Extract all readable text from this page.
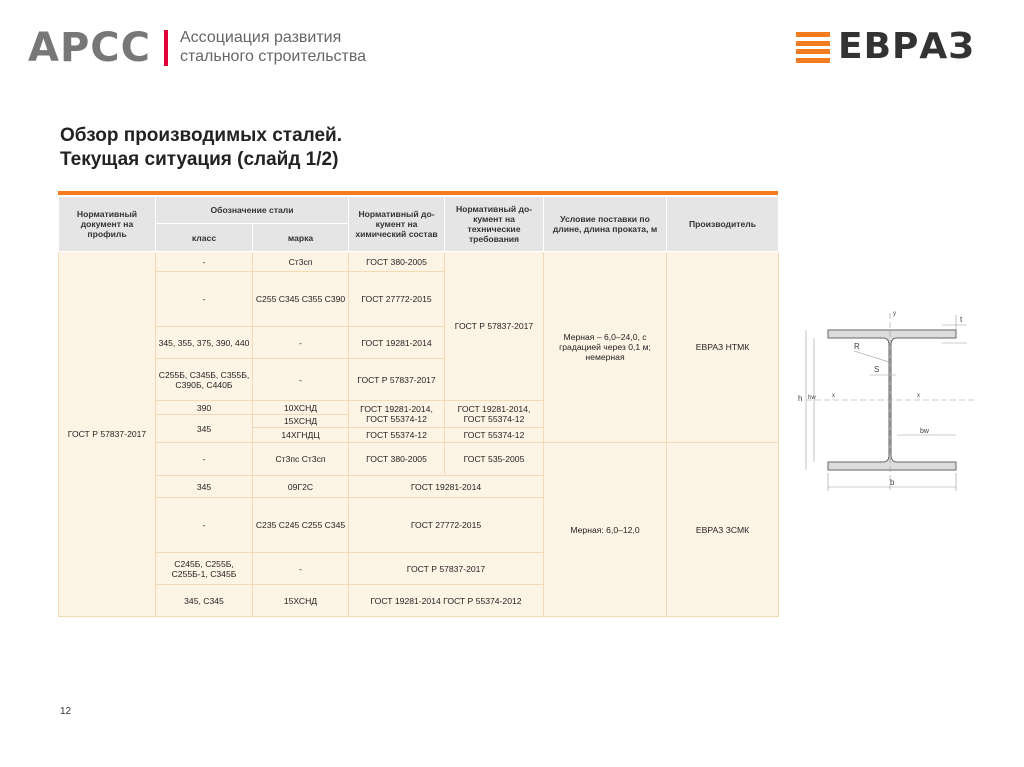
АРСС Ассоциация развития
стального строительства	ЕВРАЗ
Обзор производимых сталей.
Текущая ситуация (слайд 1/2)
Нормативный документ на профиль	Обозначение стали		Нормативный до-кумент на химический состав	Нормативный до-кумент на технические требования	Условие поставки по длине, длина проката, м	Производитель
	класс	марка				
ГОСТ Р 57837-2017	-	Ст3сп	ГОСТ 380-2005	ГОСТ Р 57837-2017	Мерная – 6,0–24,0, с градацией через 0,1 м; немерная	ЕВРАЗ НТМК
	-	С255 С345 С355 С390	ГОСТ 27772-2015			
	345, 355, 375, 390, 440	-	ГОСТ 19281-2014			
	С255Б, С345Б, С355Б, С390Б, С440Б	-	ГОСТ Р 57837-2017			
	390	10ХСНД	ГОСТ 19281-2014, ГОСТ 55374-12	ГОСТ 19281-2014, ГОСТ 55374-12		
	345	15ХСНД				
		14ХГНДЦ	ГОСТ 55374-12	ГОСТ 55374-12		
	-	Ст3пс Ст3сп	ГОСТ 380-2005	ГОСТ 535-2005	Мерная: 6,0–12,0	ЕВРАЗ ЗСМК
	345	09Г2С	ГОСТ 19281-2014			
	-	С235 С245 С255 С345	ГОСТ 27772-2015			
	С245Б, С255Б, С255Б-1, С345Б	-	ГОСТ Р 57837-2017			
	345, С345	15ХСНД	ГОСТ 19281-2014 ГОСТ Р 55374-2012			
t
R
S
h hw
bw
b
x	x
y
12
